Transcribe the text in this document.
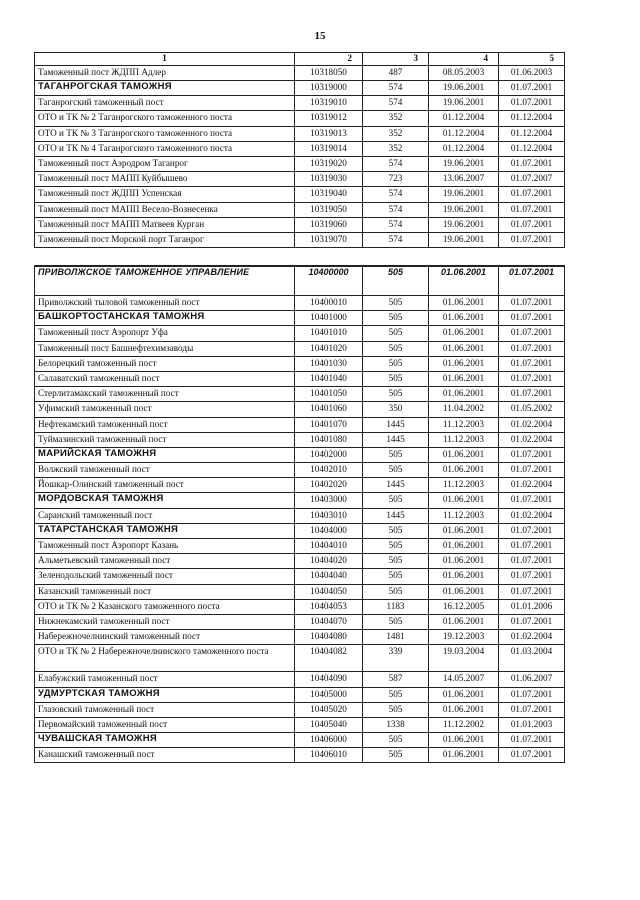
15
1	2	3	4	5
Таможенный пост ЖДПП Адлер	10318050	487	08.05.2003	01.06.2003
ТАГАНРОГСКАЯ ТАМОЖНЯ	10319000	574	19.06.2001	01.07.2001
Таганрогский таможенный пост	10319010	574	19.06.2001	01.07.2001
ОТО и ТК № 2 Таганрогского таможенного поста	10319012	352	01.12.2004	01.12.2004
ОТО и ТК № 3 Таганрогского таможенного поста	10319013	352	01.12.2004	01.12.2004
ОТО и ТК № 4 Таганрогского таможенного поста	10319014	352	01.12.2004	01.12.2004
Таможенный пост Аэродром Таганрог	10319020	574	19.06.2001	01.07.2001
Таможенный пост МАПП Куйбышево	10319030	723	13.06.2007	01.07.2007
Таможенный пост ЖДПП Успенская	10319040	574	19.06.2001	01.07.2001
Таможенный пост МАПП Весело-Вознесенка	10319050	574	19.06.2001	01.07.2001
Таможенный пост МАПП Матвеев Курган	10319060	574	19.06.2001	01.07.2001
Таможенный пост Морской порт Таганрог	10319070	574	19.06.2001	01.07.2001
ПРИВОЛЖСКОЕ ТАМОЖЕННОЕ УПРАВЛЕНИЕ	10400000	505	01.06.2001	01.07.2001
Приволжский тыловой таможенный пост	10400010	505	01.06.2001	01.07.2001
БАШКОРТОСТАНСКАЯ ТАМОЖНЯ	10401000	505	01.06.2001	01.07.2001
Таможенный пост Аэропорт Уфа	10401010	505	01.06.2001	01.07.2001
Таможенный пост Башнефтехимзаводы	10401020	505	01.06.2001	01.07.2001
Белорецкий таможенный пост	10401030	505	01.06.2001	01.07.2001
Салаватский таможенный пост	10401040	505	01.06.2001	01.07.2001
Стерлитамакский таможенный пост	10401050	505	01.06.2001	01.07.2001
Уфимский таможенный пост	10401060	350	11.04.2002	01.05.2002
Нефтекамский таможенный пост	10401070	1445	11.12.2003	01.02.2004
Туймазинский таможенный пост	10401080	1445	11.12.2003	01.02.2004
МАРИЙСКАЯ ТАМОЖНЯ	10402000	505	01.06.2001	01.07.2001
Волжский таможенный пост	10402010	505	01.06.2001	01.07.2001
Йошкар-Олинский таможенный пост	10402020	1445	11.12.2003	01.02.2004
МОРДОВСКАЯ ТАМОЖНЯ	10403000	505	01.06.2001	01.07.2001
Саранский таможенный пост	10403010	1445	11.12.2003	01.02.2004
ТАТАРСТАНСКАЯ ТАМОЖНЯ	10404000	505	01.06.2001	01.07.2001
Таможенный пост Аэропорт Казань	10404010	505	01.06.2001	01.07.2001
Альметьевский таможенный пост	10404020	505	01.06.2001	01.07.2001
Зеленодольский таможенный пост	10404040	505	01.06.2001	01.07.2001
Казанский таможенный пост	10404050	505	01.06.2001	01.07.2001
ОТО и ТК № 2 Казанского таможенного поста	10404053	1183	16.12.2005	01.01.2006
Нижнекамский таможенный пост	10404070	505	01.06.2001	01.07.2001
Набережночелнинский таможенный пост	10404080	1481	19.12.2003	01.02.2004
ОТО и ТК № 2 Набережночелнинского таможенного поста	10404082	339	19.03.2004	01.03.2004
Елабужский таможенный пост	10404090	587	14.05.2007	01.06.2007
УДМУРТСКАЯ ТАМОЖНЯ	10405000	505	01.06.2001	01.07.2001
Глазовский таможенный пост	10405020	505	01.06.2001	01.07.2001
Первомайский таможенный пост	10405040	1338	11.12.2002	01.01.2003
ЧУВАШСКАЯ ТАМОЖНЯ	10406000	505	01.06.2001	01.07.2001
Канашский таможенный пост	10406010	505	01.06.2001	01.07.2001
